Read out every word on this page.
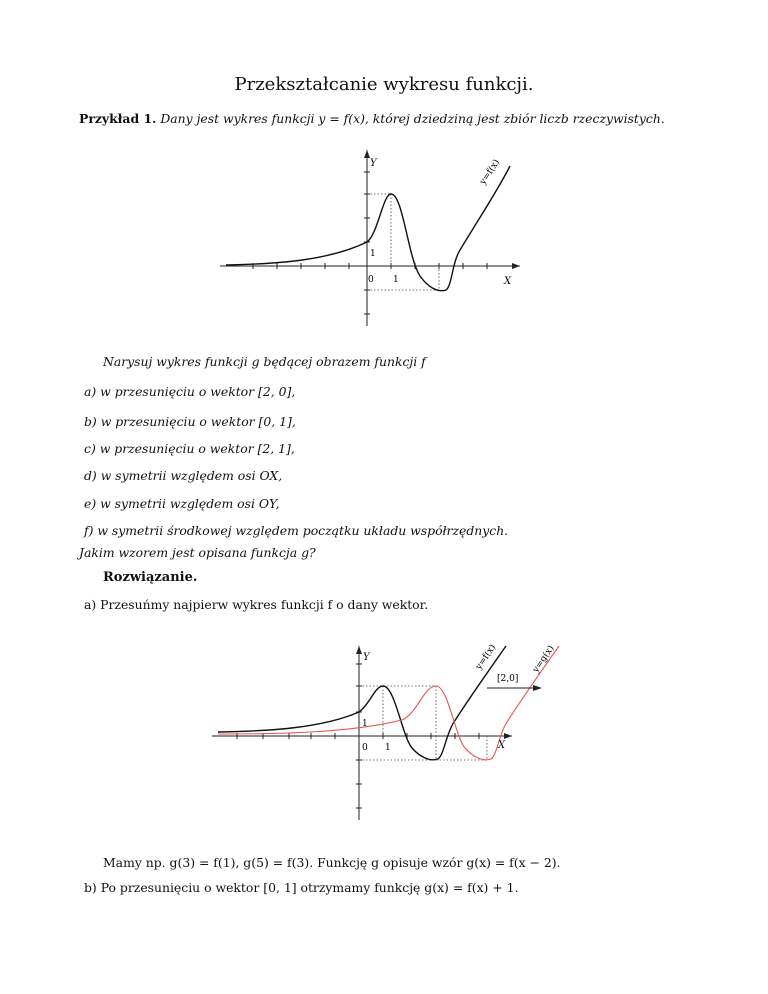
Przekształcanie wykresu funkcji.
Przykład 1. Dany jest wykres funkcji y = f(x), której dziedziną jest zbiór liczb rzeczywistych.
Y
X
1
0 1
y=f(x)
Narysuj wykres funkcji g będącej obrazem funkcji f
a) w przesunięciu o wektor [2, 0],
b) w przesunięciu o wektor [0, 1],
c) w przesunięciu o wektor [2, 1],
d) w symetrii względem osi OX,
e) w symetrii względem osi OY,
f) w symetrii środkowej względem początku układu współrzędnych.
Jakim wzorem jest opisana funkcja g?
Rozwiązanie.
a) Przesuńmy najpierw wykres funkcji f o dany wektor.
[2,0]
Y
X
1
0 1
y=f(x)	y=g(x)
Mamy np. g(3) = f(1), g(5) = f(3). Funkcję g opisuje wzór g(x) = f(x − 2).
b) Po przesunięciu o wektor [0, 1] otrzymamy funkcję g(x) = f(x) + 1.
